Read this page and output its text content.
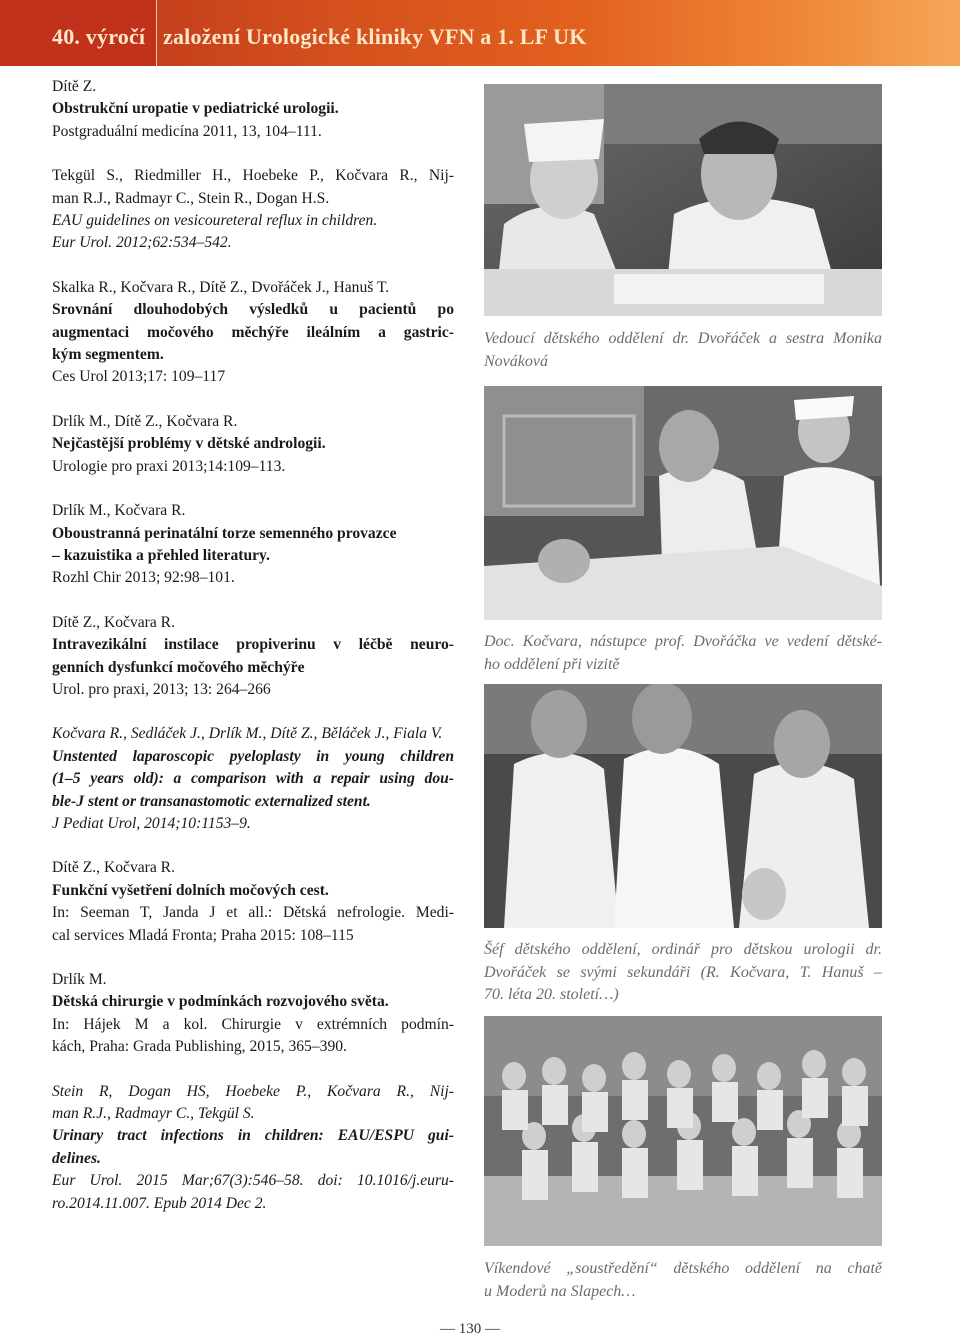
40. výročí založení Urologické kliniky VFN a 1. LF UK
Dítě Z.
Obstrukční uropatie v pediatrické urologii.
Postgraduální medicína 2011, 13, 104–111.
Tekgül S., Riedmiller H., Hoebeke P., Kočvara R., Nij-
man R.J., Radmayr C., Stein R., Dogan H.S.
EAU guidelines on vesicoureteral reflux in children.
Eur Urol. 2012;62:534–542.
Skalka R., Kočvara R., Dítě Z., Dvořáček J., Hanuš T.
Srovnání dlouhodobých výsledků u pacientů po
augmentaci močového měchýře ileálním a gastric-
kým segmentem.
Ces Urol 2013;17: 109–117
Drlík M., Dítě Z., Kočvara R.
Nejčastější problémy v dětské andrologii.
Urologie pro praxi 2013;14:109–113.
Drlík M., Kočvara R.
Oboustranná perinatální torze semenného provazce
– kazuistika a přehled literatury.
Rozhl Chir 2013; 92:98–101.
Dítě Z., Kočvara R.
Intravezikální instilace propiverinu v léčbě neuro-
genních dysfunkcí močového měchýře
Urol. pro praxi, 2013; 13: 264–266
Kočvara R., Sedláček J., Drlík M., Dítě Z., Běláček J., Fiala V.
Unstented laparoscopic pyeloplasty in young children
(1–5 years old): a comparison with a repair using dou-
ble-J stent or transanastomotic externalized stent.
J Pediat Urol, 2014;10:1153–9.
Dítě Z., Kočvara R.
Funkční vyšetření dolních močových cest.
In: Seeman T, Janda J et all.: Dětská nefrologie. Medi-
cal services Mladá Fronta; Praha 2015: 108–115
Drlík M.
Dětská chirurgie v podmínkách rozvojového světa.
In: Hájek M a kol. Chirurgie v extrémních podmín-
kách, Praha: Grada Publishing, 2015, 365–390.
Stein R, Dogan HS, Hoebeke P., Kočvara R., Nij-
man R.J., Radmayr C., Tekgül S.
Urinary tract infections in children: EAU/ESPU gui-
delines.
Eur Urol. 2015 Mar;67(3):546–58. doi: 10.1016/j.euru-
ro.2014.11.007. Epub 2014 Dec 2.
Vedoucí dětského oddělení dr. Dvořáček a sestra Monika
Nováková
Doc. Kočvara, nástupce prof. Dvořáčka ve vedení dětské-
ho oddělení při vizitě
Šéf dětského oddělení, ordinář pro dětskou urologii dr.
Dvořáček se svými sekundáři (R. Kočvara, T. Hanuš –
70. léta 20. století…)
Víkendové „soustředění“ dětského oddělení na chatě
u Moderů na Slapech…
— 130 —
